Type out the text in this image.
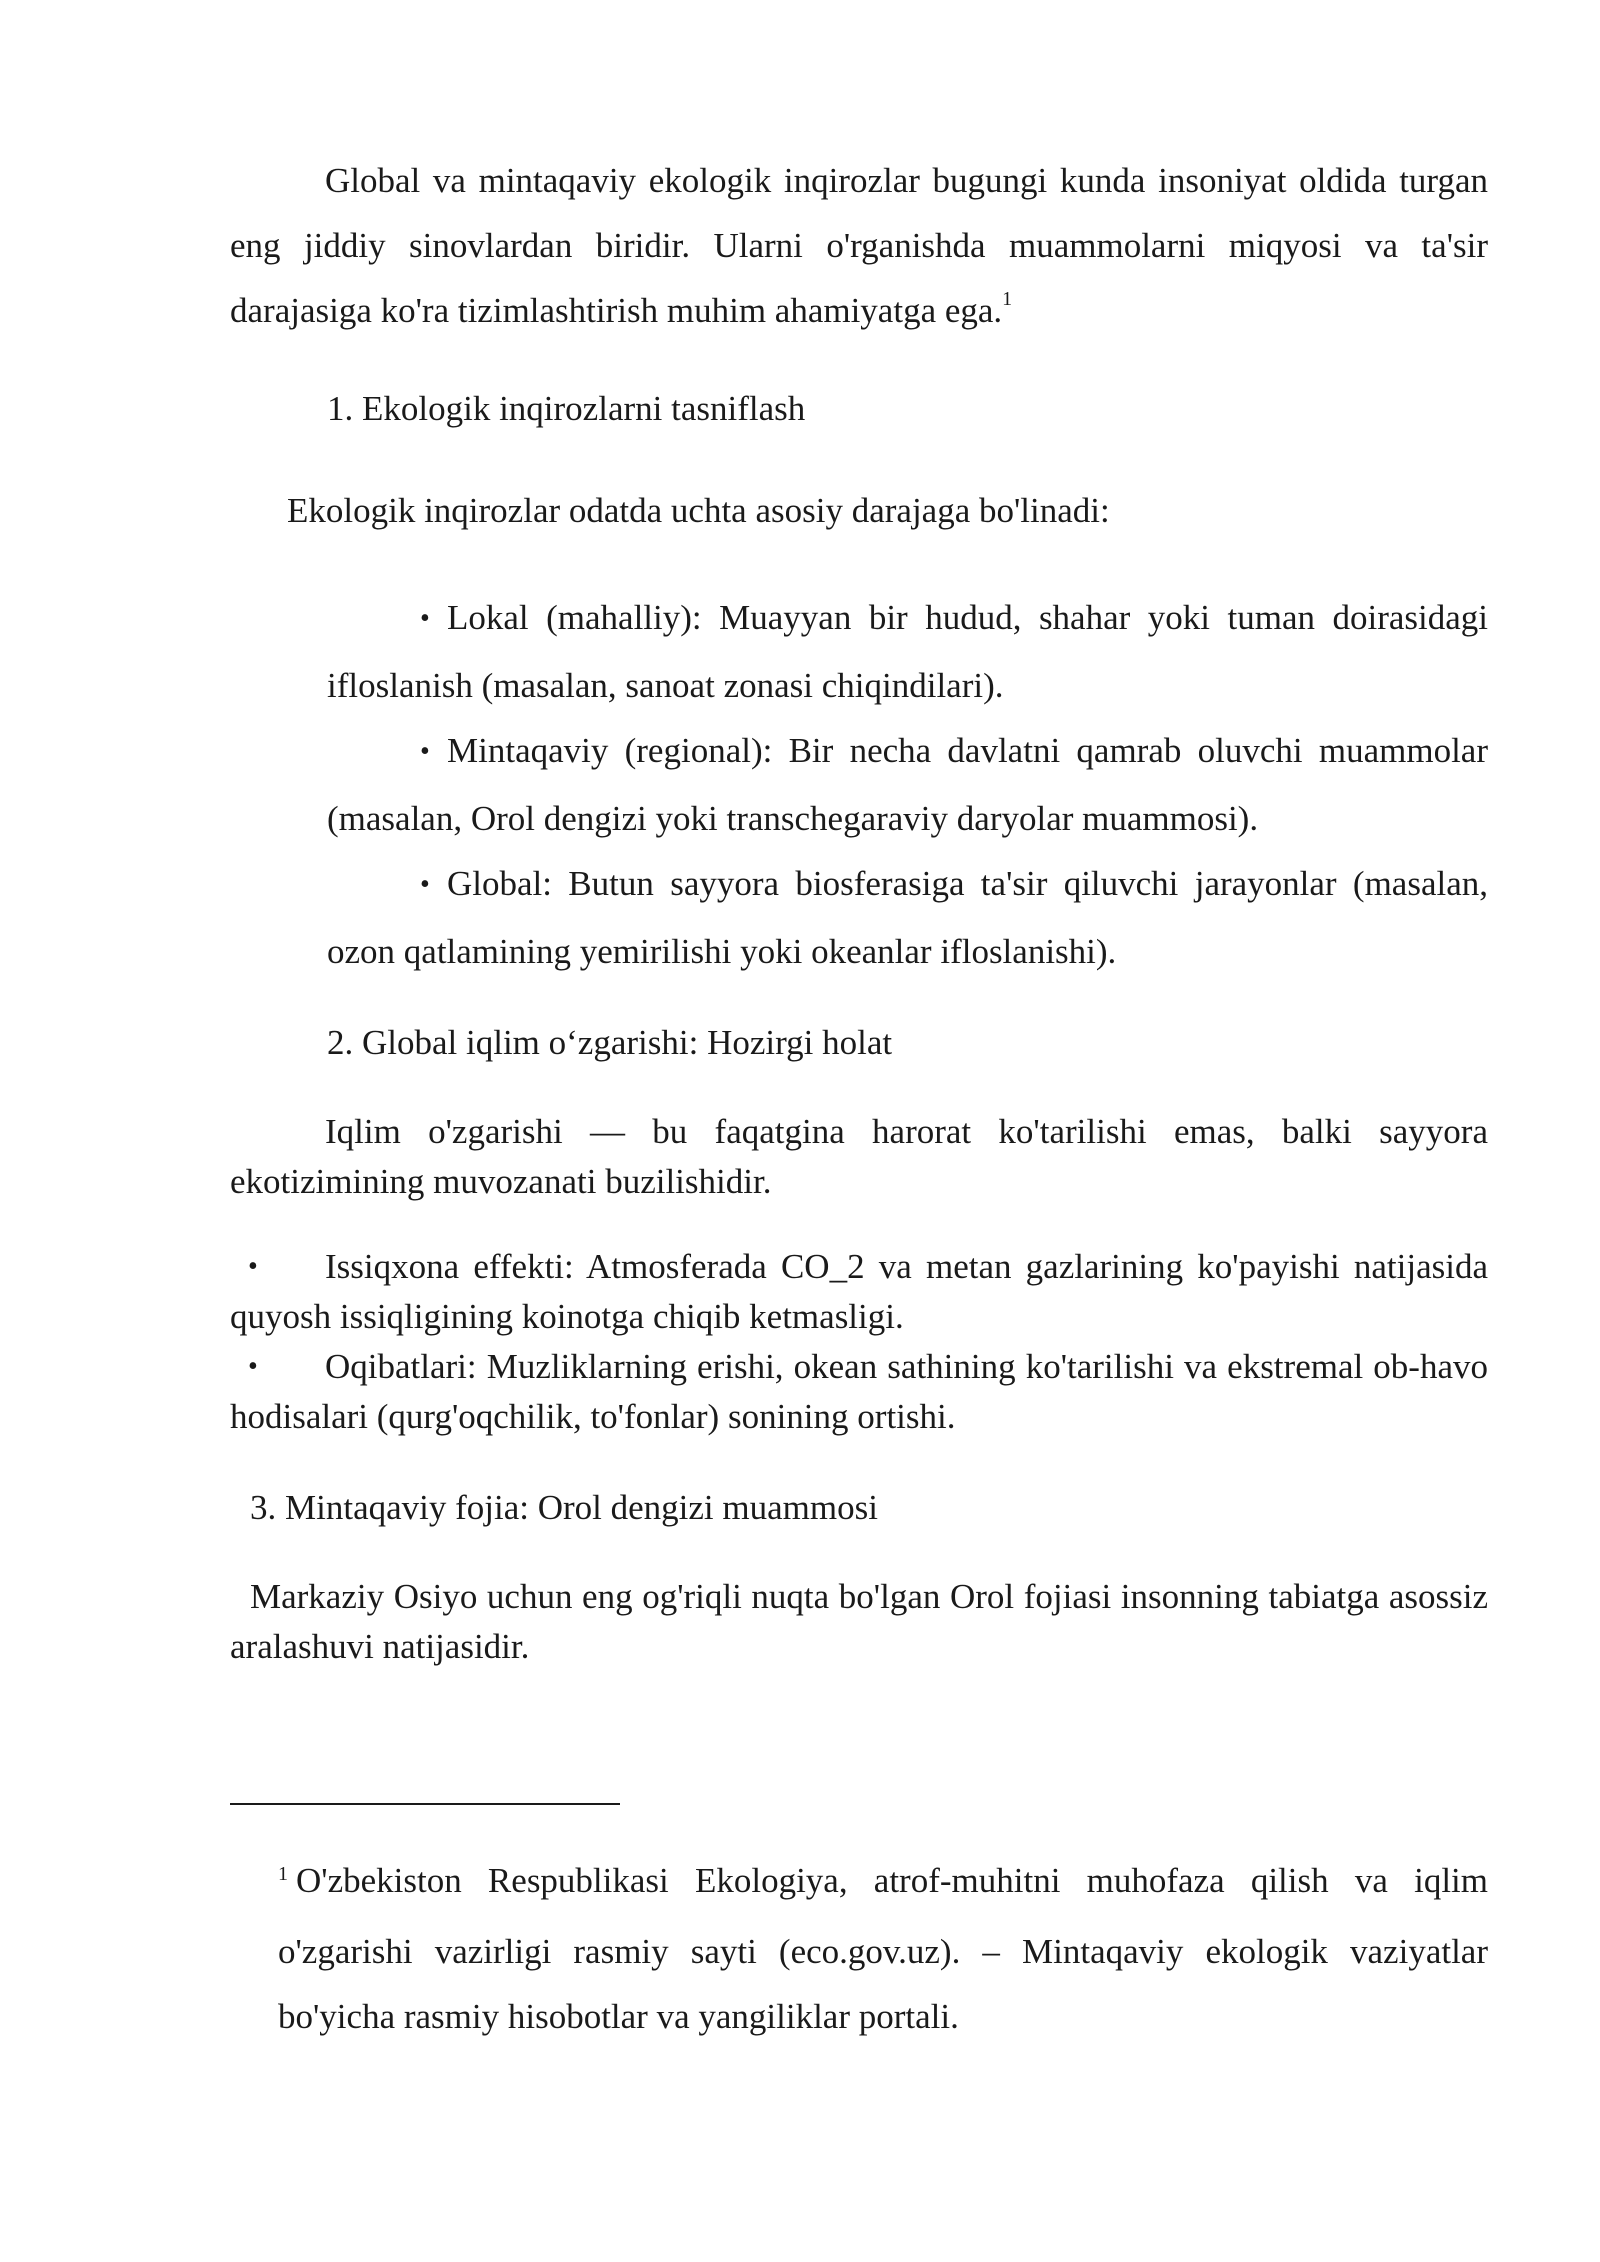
Global va mintaqaviy ekologik inqirozlar bugungi kunda insoniyat oldida turgan eng jiddiy sinovlardan biridir. Ularni o'rganishda muammolarni miqyosi va ta'sir darajasiga ko'ra tizimlashtirish muhim ahamiyatga ega.$^1$

1. Ekologik inqirozlarni tasniflash

Ekologik inqirozlar odatda uchta asosiy darajaga bo'linadi:

• Lokal (mahalliy): Muayyan bir hudud, shahar yoki tuman doirasidagi ifloslanish (masalan, sanoat zonasi chiqindilari).
• Mintaqaviy (regional): Bir necha davlatni qamrab oluvchi muammolar (masalan, Orol dengizi yoki transchegaraviy daryolar muammosi).
• Global: Butun sayyora biosferasiga ta'sir qiluvchi jarayonlar (masalan, ozon qatlamining yemirilishi yoki okeanlar ifloslanishi).

2. Global iqlim o‘zgarishi: Hozirgi holat

Iqlim o'zgarishi — bu faqatgina harorat ko'tarilishi emas, balki sayyora ekotizimining muvozanati buzilishidir.

• Issiqxona effekti: Atmosferada CO_2 va metan gazlarining ko'payishi natijasida quyosh issiqligining koinotga chiqib ketmasligi.
• Oqibatlari: Muzliklarning erishi, okean sathining ko'tarilishi va ekstremal ob-havo hodisalari (qurg'oqchilik, to'fonlar) sonining ortishi.

3. Mintaqaviy fojia: Orol dengizi muammosi

Markaziy Osiyo uchun eng og'riqli nuqta bo'lgan Orol fojiasi insonning tabiatga asossiz aralashuvi natijasidir.

$^1$ O'zbekiston Respublikasi Ekologiya, atrof-muhitni muhofaza qilish va iqlim o'zgarishi vazirligi rasmiy sayti (eco.gov.uz). – Mintaqaviy ekologik vaziyatlar bo'yicha rasmiy hisobotlar va yangiliklar portali.
